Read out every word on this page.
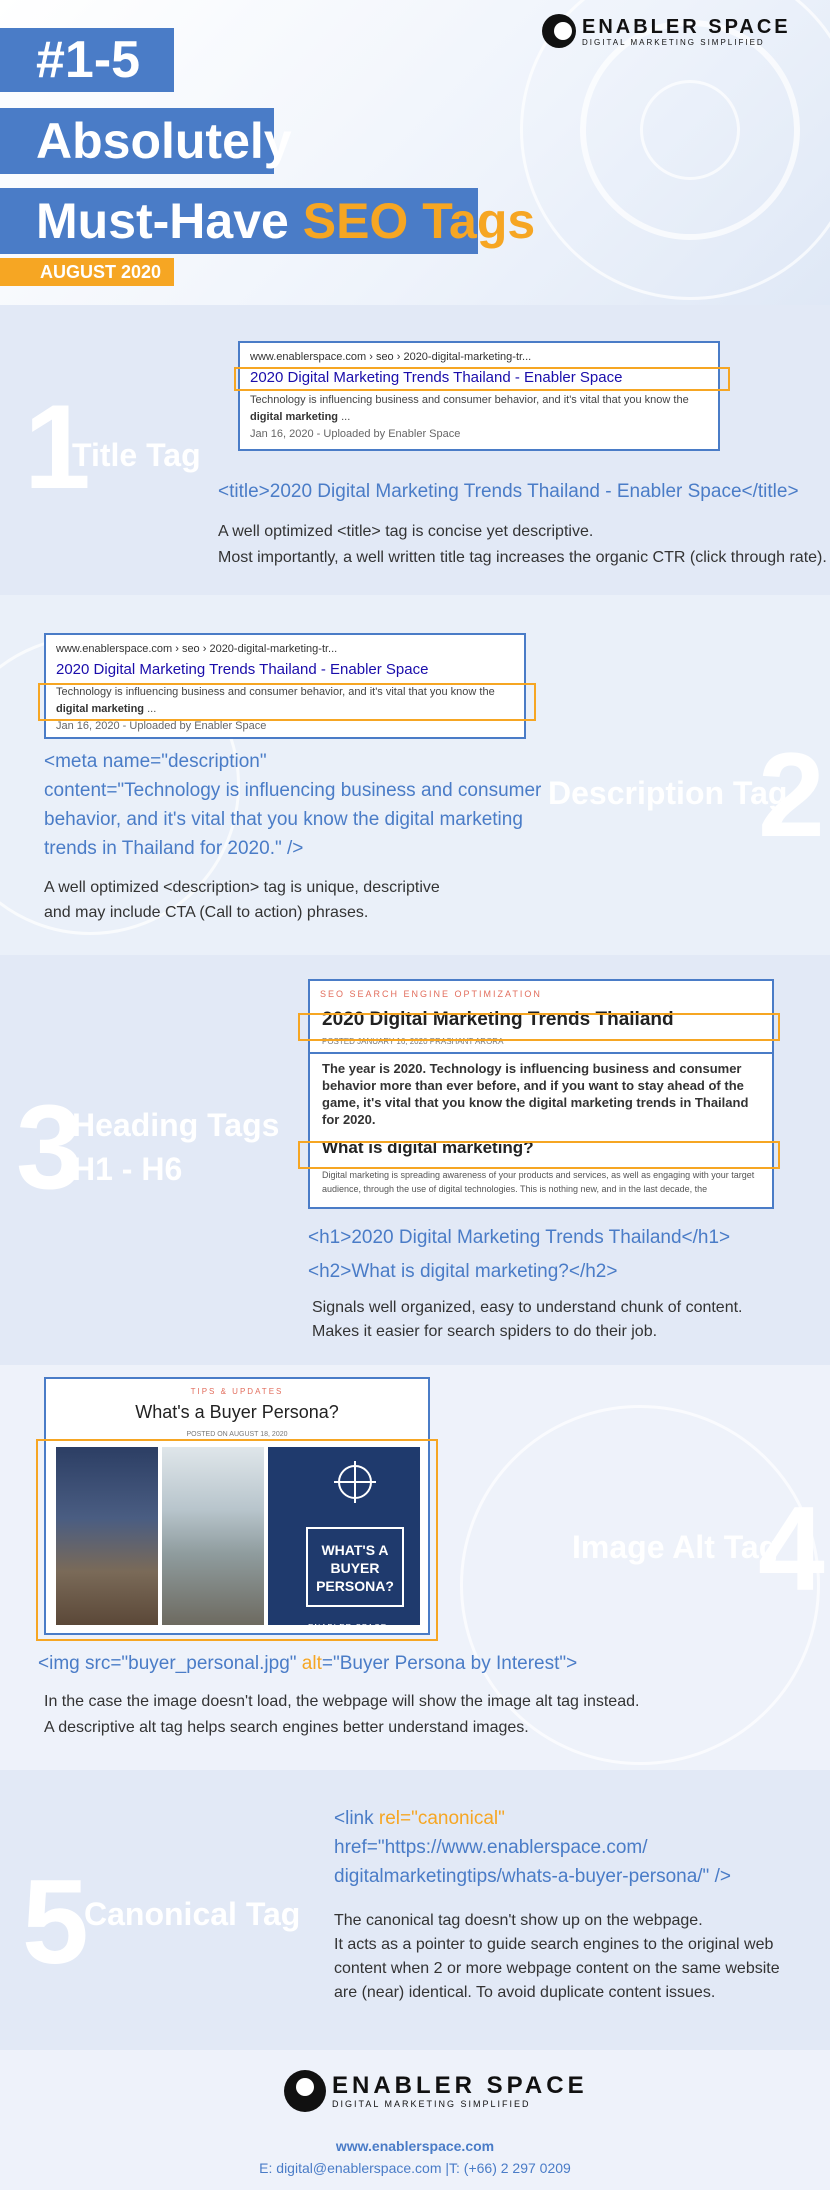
#1-5
Absolutely
Must-Have SEO Tags
AUGUST 2020
ENABLER SPACE
DIGITAL MARKETING SIMPLIFIED
1
Title Tag
www.enablerspace.com › seo › 2020-digital-marketing-tr...
2020 Digital Marketing Trends Thailand - Enabler Space
Technology is influencing business and consumer behavior, and it's vital that you know the digital marketing ...
Jan 16, 2020 - Uploaded by Enabler Space
<title>2020 Digital Marketing Trends Thailand - Enabler Space</title>
A well optimized <title> tag is concise yet descriptive.
Most importantly, a well written title tag increases the organic CTR (click through rate).
www.enablerspace.com › seo › 2020-digital-marketing-tr...
2020 Digital Marketing Trends Thailand - Enabler Space
Technology is influencing business and consumer behavior, and it's vital that you know the digital marketing ...
Jan 16, 2020 - Uploaded by Enabler Space
2
Description Tag
<meta name="description"
content="Technology is influencing business and consumer
behavior, and it's vital that you know the digital marketing
trends in Thailand for 2020." />
A well optimized <description> tag is unique, descriptive
and may include CTA (Call to action) phrases.
3
Heading Tags
H1 - H6
SEO SEARCH ENGINE OPTIMIZATION
2020 Digital Marketing Trends Thailand
POSTED JANUARY 16, 2020 PRASHANT ARORA
The year is 2020. Technology is influencing business and consumer behavior more than ever before, and if you want to stay ahead of the game, it's vital that you know the digital marketing trends in Thailand for 2020.
What is digital marketing?
Digital marketing is spreading awareness of your products and services, as well as engaging with your target audience, through the use of digital technologies. This is nothing new, and in the last decade, the
<h1>2020 Digital Marketing Trends Thailand</h1>
<h2>What is digital marketing?</h2>
Signals well organized, easy to understand chunk of content.
Makes it easier for search spiders to do their job.
TIPS & UPDATES
What's a Buyer Persona?
POSTED ON AUGUST 18, 2020
WHAT'S A BUYER PERSONA?
ENABLER SPACE
4
Image Alt Tag
<img src="buyer_personal.jpg" alt="Buyer Persona by Interest">
In the case the image doesn't load, the webpage will show the image alt tag instead.
A descriptive alt tag helps search engines better understand images.
5
Canonical Tag
<link rel="canonical"
href="https://www.enablerspace.com/
digitalmarketingtips/whats-a-buyer-persona/" />
The canonical tag doesn't show up on the webpage.
It acts as a pointer to guide search engines to the original web
content when 2 or more webpage content on the same website
are (near) identical. To avoid duplicate content issues.
ENABLER SPACE
DIGITAL MARKETING SIMPLIFIED
www.enablerspace.com
E: digital@enablerspace.com |T: (+66) 2 297 0209
